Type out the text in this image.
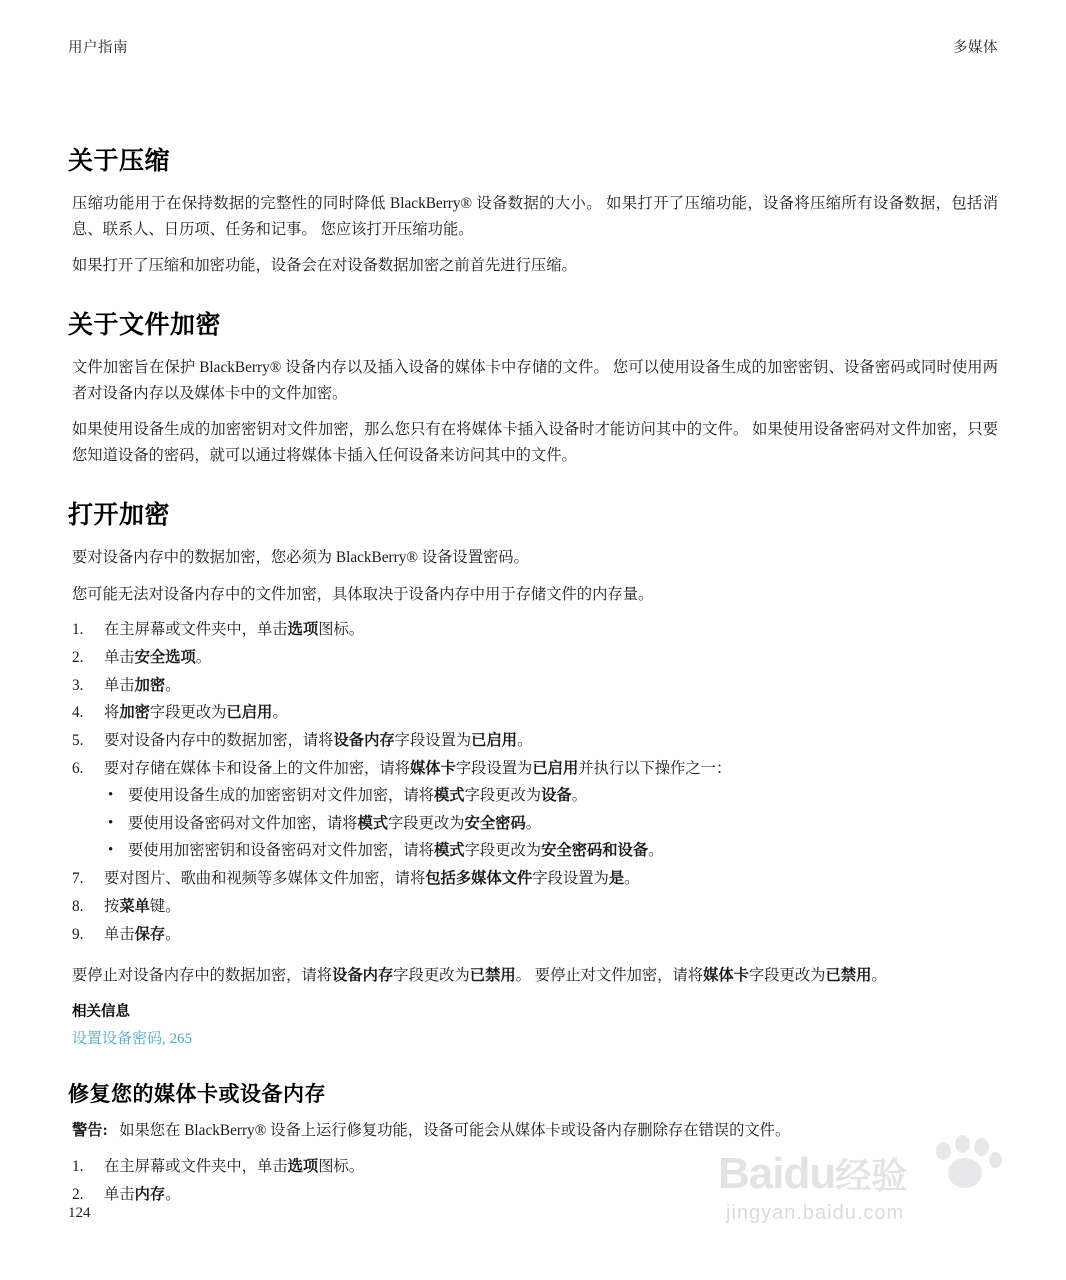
用户指南	多媒体
关于压缩

压缩功能用于在保持数据的完整性的同时降低 BlackBerry® 设备数据的大小。 如果打开了压缩功能，设备将压缩所有设备数据，包括消息、联系人、日历项、任务和记事。 您应该打开压缩功能。

如果打开了压缩和加密功能，设备会在对设备数据加密之前首先进行压缩。

关于文件加密

文件加密旨在保护 BlackBerry® 设备内存以及插入设备的媒体卡中存储的文件。 您可以使用设备生成的加密密钥、设备密码或同时使用两者对设备内存以及媒体卡中的文件加密。

如果使用设备生成的加密密钥对文件加密，那么您只有在将媒体卡插入设备时才能访问其中的文件。 如果使用设备密码对文件加密，只要您知道设备的密码，就可以通过将媒体卡插入任何设备来访问其中的文件。

打开加密

要对设备内存中的数据加密，您必须为 BlackBerry® 设备设置密码。

您可能无法对设备内存中的文件加密，具体取决于设备内存中用于存储文件的内存量。

1.	在主屏幕或文件夹中，单击选项图标。
2.	单击安全选项。
3.	单击加密。
4.	将加密字段更改为已启用。
5.	要对设备内存中的数据加密，请将设备内存字段设置为已启用。
6.	要对存储在媒体卡和设备上的文件加密，请将媒体卡字段设置为已启用并执行以下操作之一：
• 要使用设备生成的加密密钥对文件加密，请将模式字段更改为设备。
• 要使用设备密码对文件加密，请将模式字段更改为安全密码。
• 要使用加密密钥和设备密码对文件加密，请将模式字段更改为安全密码和设备。
7.	要对图片、歌曲和视频等多媒体文件加密，请将包括多媒体文件字段设置为是。
8.	按菜单键。
9.	单击保存。

要停止对设备内存中的数据加密，请将设备内存字段更改为已禁用。 要停止对文件加密，请将媒体卡字段更改为已禁用。

相关信息
设置设备密码, 265
修复您的媒体卡或设备内存

警告: 如果您在 BlackBerry® 设备上运行修复功能，设备可能会从媒体卡或设备内存删除存在错误的文件。

1.	在主屏幕或文件夹中，单击选项图标。
2.	单击内存。
124
Baidu经验
jingyan.baidu.com
